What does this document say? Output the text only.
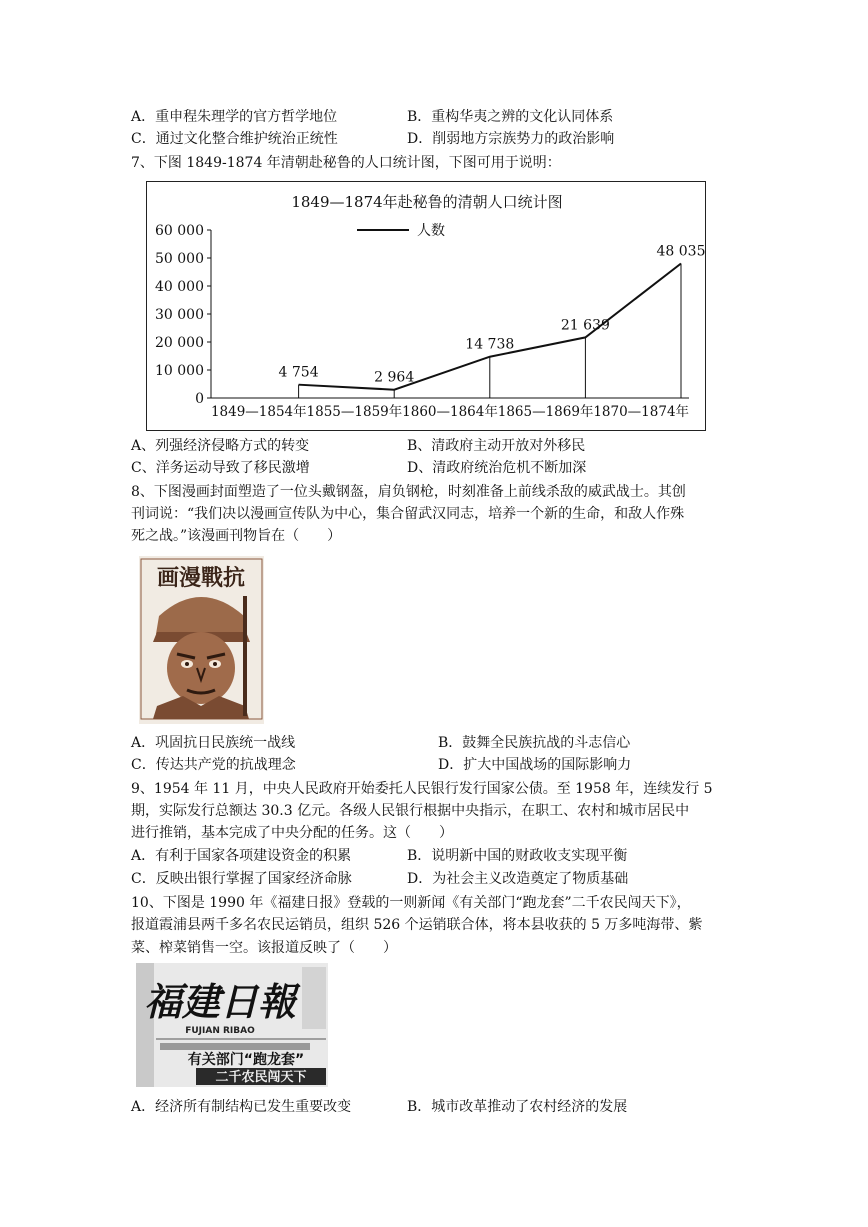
A．重申程朱理学的官方哲学地位	B．重构华夷之辨的文化认同体系
C．通过文化整合维护统治正统性	D．削弱地方宗族势力的政治影响
7、下图 1849-1874 年清朝赴秘鲁的人口统计图，下图可用于说明：
1849—1874年赴秘鲁的清朝人口统计图
人数
0
10 000
20 000
30 000
40 000
50 000
60 000
1849—1854年 1855—1859年 1860—1864年 1865—1869年 1870—1874年
4 754	2 964
14 738
21 639
48 035
A、列强经济侵略方式的转变	B、清政府主动开放对外移民
C、洋务运动导致了移民激增	D、清政府统治危机不断加深
8、下图漫画封面塑造了一位头戴钢盔，肩负钢枪，时刻准备上前线杀敌的威武战士。其创
刊词说：“我们决以漫画宣传队为中心，集合留武汉同志，培养一个新的生命，和敌人作殊
死之战。”该漫画刊物旨在（　　）
画漫戰抗
A．巩固抗日民族统一战线	B．鼓舞全民族抗战的斗志信心
C．传达共产党的抗战理念	D．扩大中国战场的国际影响力
9、1954 年 11 月，中央人民政府开始委托人民银行发行国家公债。至 1958 年，连续发行 5
期，实际发行总额达 30.3 亿元。各级人民银行根据中央指示，在职工、农村和城市居民中
进行推销，基本完成了中央分配的任务。这（　　）
A．有利于国家各项建设资金的积累	B．说明新中国的财政收支实现平衡
C．反映出银行掌握了国家经济命脉	D．为社会主义改造奠定了物质基础
10、下图是 1990 年《福建日报》登载的一则新闻《有关部门“跑龙套”二千农民闯天下》，
报道霞浦县两千多名农民运销员，组织 526 个运销联合体，将本县收获的 5 万多吨海带、紫
菜、榨菜销售一空。该报道反映了（　　）
福建日報
FUJIAN RIBAO
有关部门“跑龙套”
二千农民闯天下
A．经济所有制结构已发生重要改变	B．城市改革推动了农村经济的发展
